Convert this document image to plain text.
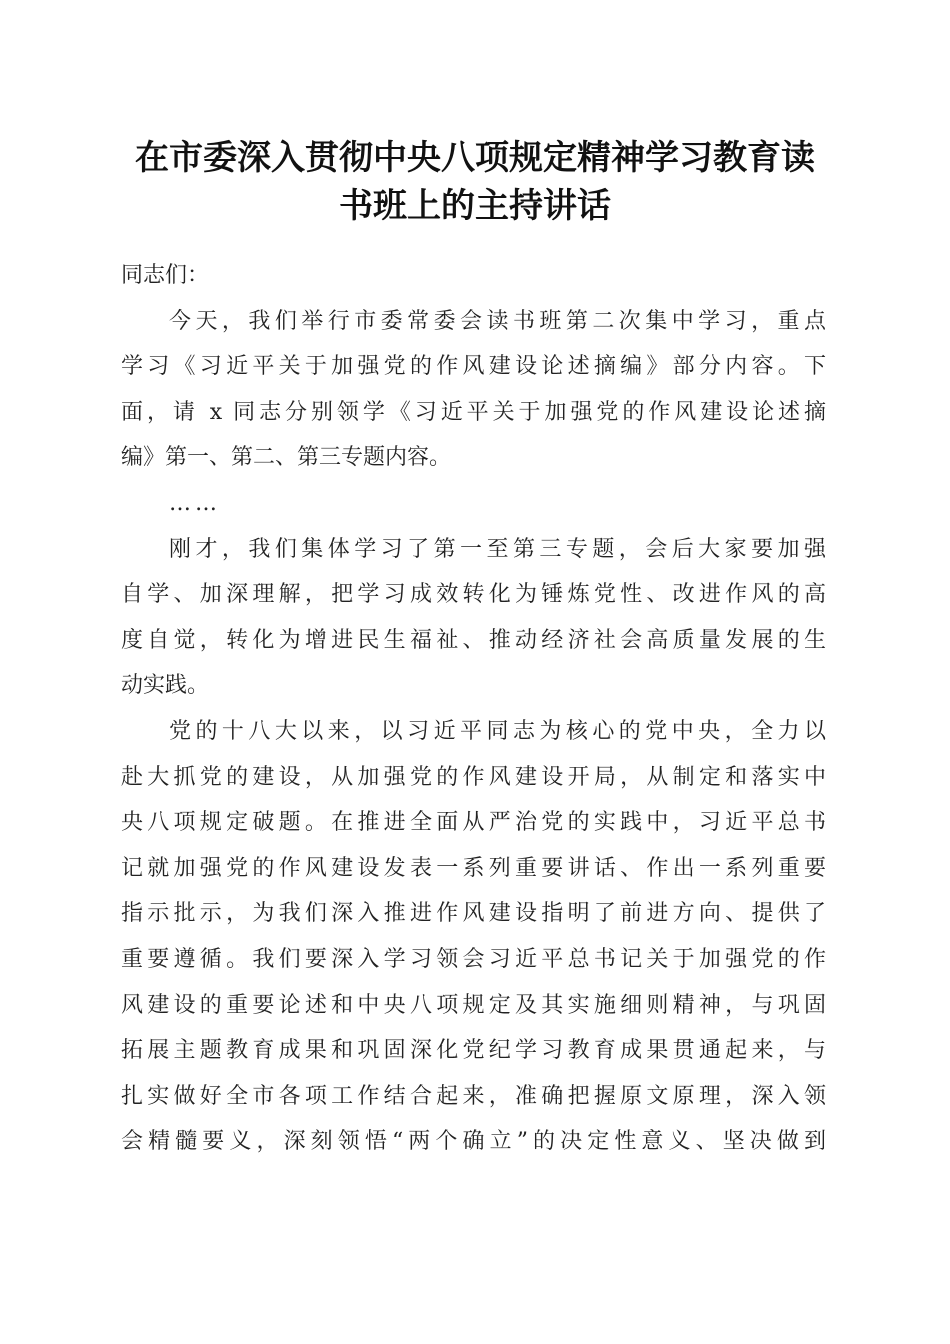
在市委深入贯彻中央八项规定精神学习教育读
书班上的主持讲话
同志们：
今天，我们举行市委常委会读书班第二次集中学习，重点
学习《习近平关于加强党的作风建设论述摘编》部分内容。下
面，请 x 同志分别领学《习近平关于加强党的作风建设论述摘
编》第一、第二、第三专题内容。
……
刚才，我们集体学习了第一至第三专题，会后大家要加强
自学、加深理解，把学习成效转化为锤炼党性、改进作风的高
度自觉，转化为增进民生福祉、推动经济社会高质量发展的生
动实践。
党的十八大以来，以习近平同志为核心的党中央，全力以
赴大抓党的建设，从加强党的作风建设开局，从制定和落实中
央八项规定破题。在推进全面从严治党的实践中，习近平总书
记就加强党的作风建设发表一系列重要讲话、作出一系列重要
指示批示，为我们深入推进作风建设指明了前进方向、提供了
重要遵循。我们要深入学习领会习近平总书记关于加强党的作
风建设的重要论述和中央八项规定及其实施细则精神，与巩固
拓展主题教育成果和巩固深化党纪学习教育成果贯通起来，与
扎实做好全市各项工作结合起来，准确把握原文原理，深入领
会精髓要义，深刻领悟“两个确立”的决定性意义、坚决做到
